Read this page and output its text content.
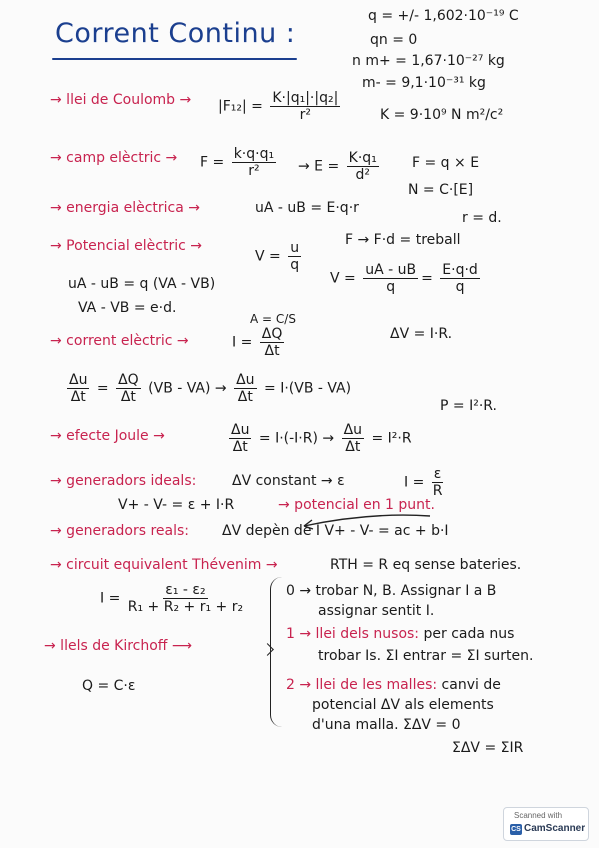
Corrent Continu :
q = +/- 1,602·10⁻¹⁹ C
qn = 0
n m+ = 1,67·10⁻²⁷ kg
m- = 9,1·10⁻³¹ kg
→ llei de Coulomb → $|F_{12}| = \frac{\text{K·|q₁|·|q₂|}}{\text{r²}}$	K = 9·10⁹ N m²/c²
→ camp elèctric → $F = \frac{\text{k·q·q₁}}{\text{r²}} \to E = \frac{\text{K·q₁}}{\text{d²}}$ F = q × E
N = C·[E]
→ energia elèctrica →	uA - uB = E·q·r
r = d.
F → F·d = treball
→ Potencial elèctric →
$V = \frac{u}{q}$
$V = \frac{uA - uB}{q} = \frac{E\cdot q\cdot d}{q}$
uA - uB = q (VA - VB)
VA - VB = e·d.
A = C/S
→ corrent elèctric →	$I = \frac{\Delta Q}{\Delta t}$	ΔV = I·R.
$\frac{\Delta u}{\Delta t} = \frac{\Delta Q}{\Delta t} (VB - VA) \to \frac{\Delta u}{\Delta t} = I\cdot(VB - VA)$
P = I²·R.
→ efecte Joule →	$\frac{\Delta u}{\Delta t} = I\cdot(-I\cdot R) \to \frac{\Delta u}{\Delta t} = I^2\cdot R$
→ generadors ideals:	ΔV constant → ε	$I = \frac{\varepsilon}{R}$
V+ - V- = ε + I·R	→ potencial en 1 punt.
→ generadors reals: ΔV depèn de I V+ - V- = ac + b·I
→ circuit equivalent Thévenim →	RTH = R eq sense bateries.
$I = \frac{\text{ε₁ - ε₂}}{\text{R₁ + R₂ + r₁ + r₂}}$
→ llels de Kirchoff ⟶
Q = C·ε
0 → trobar N, B. Assignar I a B
assignar sentit I.
1 → llei dels nusos: per cada nus
trobar Is. ΣI entrar = ΣI surten.
2 → llei de les malles: canvi de
potencial ΔV als elements
d'una malla. ΣΔV = 0
ΣΔV = ΣIR
Scanned with
CS CamScanner
